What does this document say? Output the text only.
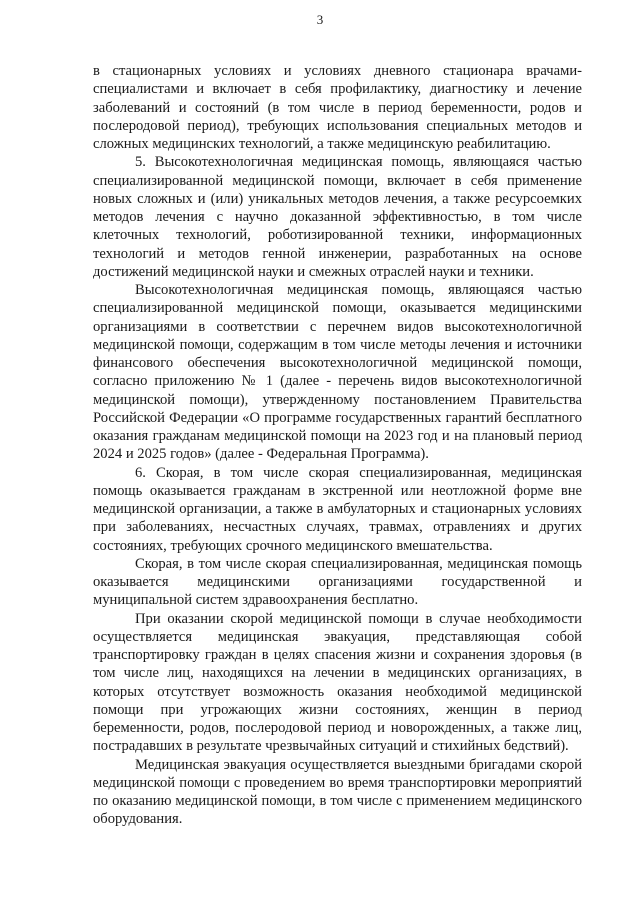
3

в стационарных условиях и условиях дневного стационара врачами-специалистами и включает в себя профилактику, диагностику и лечение заболеваний и состояний (в том числе в период беременности, родов и послеродовой период), требующих использования специальных методов и сложных медицинских технологий, а также медицинскую реабилитацию.

5. Высокотехнологичная медицинская помощь, являющаяся частью специализированной медицинской помощи, включает в себя применение новых сложных и (или) уникальных методов лечения, а также ресурсоемких методов лечения с научно доказанной эффективностью, в том числе клеточных технологий, роботизированной техники, информационных технологий и методов генной инженерии, разработанных на основе достижений медицинской науки и смежных отраслей науки и техники.

Высокотехнологичная медицинская помощь, являющаяся частью специализированной медицинской помощи, оказывается медицинскими организациями в соответствии с перечнем видов высокотехнологичной медицинской помощи, содержащим в том числе методы лечения и источники финансового обеспечения высокотехнологичной медицинской помощи, согласно приложению № 1 (далее - перечень видов высокотехнологичной медицинской помощи), утвержденному постановлением Правительства Российской Федерации «О программе государственных гарантий бесплатного оказания гражданам медицинской помощи на 2023 год и на плановый период 2024 и 2025 годов» (далее - Федеральная Программа).

6. Скорая, в том числе скорая специализированная, медицинская помощь оказывается гражданам в экстренной или неотложной форме вне медицинской организации, а также в амбулаторных и стационарных условиях при заболеваниях, несчастных случаях, травмах, отравлениях и других состояниях, требующих срочного медицинского вмешательства.

Скорая, в том числе скорая специализированная, медицинская помощь оказывается медицинскими организациями государственной и муниципальной систем здравоохранения бесплатно.

При оказании скорой медицинской помощи в случае необходимости осуществляется медицинская эвакуация, представляющая собой транспортировку граждан в целях спасения жизни и сохранения здоровья (в том числе лиц, находящихся на лечении в медицинских организациях, в которых отсутствует возможность оказания необходимой медицинской помощи при угрожающих жизни состояниях, женщин в период беременности, родов, послеродовой период и новорожденных, а также лиц, пострадавших в результате чрезвычайных ситуаций и стихийных бедствий).

Медицинская эвакуация осуществляется выездными бригадами скорой медицинской помощи с проведением во время транспортировки мероприятий по оказанию медицинской помощи, в том числе с применением медицинского оборудования.
